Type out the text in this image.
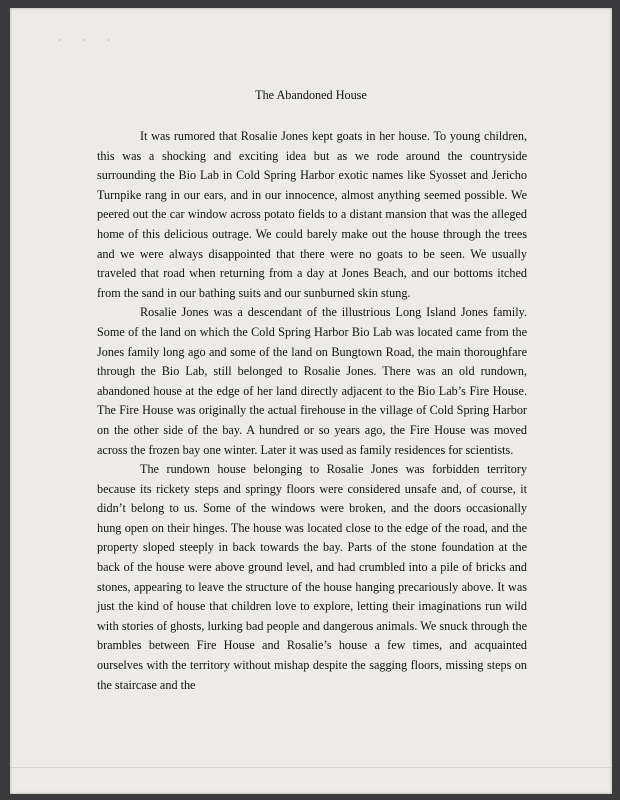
· · ·
The Abandoned House

It was rumored that Rosalie Jones kept goats in her house. To young children, this was a shocking and exciting idea but as we rode around the countryside surrounding the Bio Lab in Cold Spring Harbor exotic names like Syosset and Jericho Turnpike rang in our ears, and in our innocence, almost anything seemed possible. We peered out the car window across potato fields to a distant mansion that was the alleged home of this delicious outrage. We could barely make out the house through the trees and we were always disappointed that there were no goats to be seen. We usually traveled that road when returning from a day at Jones Beach, and our bottoms itched from the sand in our bathing suits and our sunburned skin stung.

Rosalie Jones was a descendant of the illustrious Long Island Jones family. Some of the land on which the Cold Spring Harbor Bio Lab was located came from the Jones family long ago and some of the land on Bungtown Road, the main thoroughfare through the Bio Lab, still belonged to Rosalie Jones. There was an old rundown, abandoned house at the edge of her land directly adjacent to the Bio Lab’s Fire House. The Fire House was originally the actual firehouse in the village of Cold Spring Harbor on the other side of the bay. A hundred or so years ago, the Fire House was moved across the frozen bay one winter. Later it was used as family residences for scientists.

The rundown house belonging to Rosalie Jones was forbidden territory because its rickety steps and springy floors were considered unsafe and, of course, it didn’t belong to us. Some of the windows were broken, and the doors occasionally hung open on their hinges. The house was located close to the edge of the road, and the property sloped steeply in back towards the bay. Parts of the stone foundation at the back of the house were above ground level, and had crumbled into a pile of bricks and stones, appearing to leave the structure of the house hanging precariously above. It was just the kind of house that children love to explore, letting their imaginations run wild with stories of ghosts, lurking bad people and dangerous animals. We snuck through the brambles between Fire House and Rosalie’s house a few times, and acquainted ourselves with the territory without mishap despite the sagging floors, missing steps on the staircase and the
